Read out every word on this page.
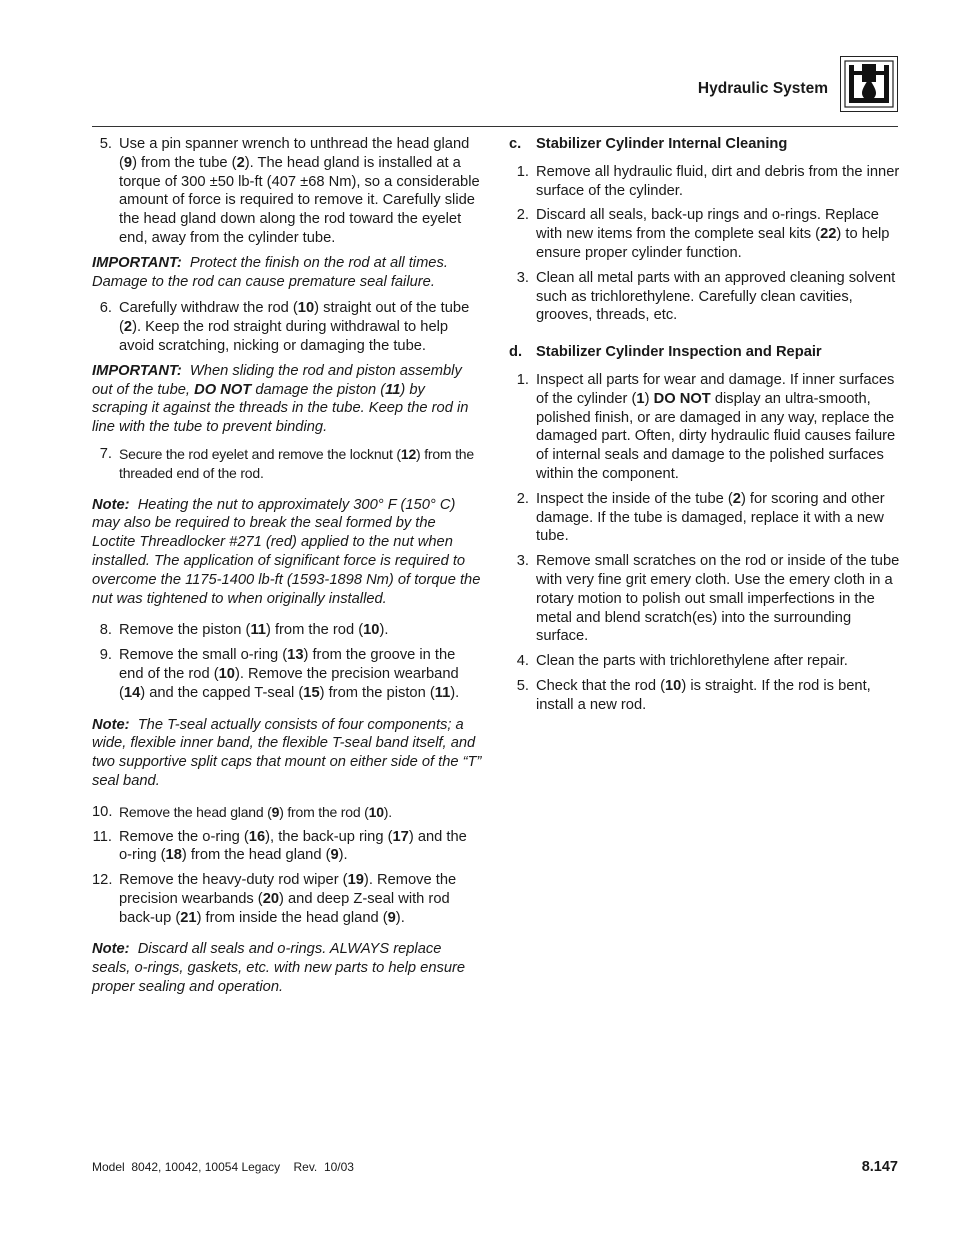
Hydraulic System
5. Use a pin spanner wrench to unthread the head gland (9) from the tube (2). The head gland is installed at a torque of 300 ±50 lb-ft (407 ±68 Nm), so a considerable amount of force is required to remove it. Carefully slide the head gland down along the rod toward the eyelet end, away from the cylinder tube.
IMPORTANT: Protect the finish on the rod at all times. Damage to the rod can cause premature seal failure.
6. Carefully withdraw the rod (10) straight out of the tube (2). Keep the rod straight during withdrawal to help avoid scratching, nicking or damaging the tube.
IMPORTANT: When sliding the rod and piston assembly out of the tube, DO NOT damage the piston (11) by scraping it against the threads in the tube. Keep the rod in line with the tube to prevent binding.
7. Secure the rod eyelet and remove the locknut (12) from the threaded end of the rod.
Note: Heating the nut to approximately 300° F (150° C) may also be required to break the seal formed by the Loctite Threadlocker #271 (red) applied to the nut when installed. The application of significant force is required to overcome the 1175-1400 lb-ft (1593-1898 Nm) of torque the nut was tightened to when originally installed.
8. Remove the piston (11) from the rod (10).
9. Remove the small o-ring (13) from the groove in the end of the rod (10). Remove the precision wearband (14) and the capped T-seal (15) from the piston (11).
Note: The T-seal actually consists of four components; a wide, flexible inner band, the flexible T-seal band itself, and two supportive split caps that mount on either side of the “T” seal band.
10. Remove the head gland (9) from the rod (10).
11. Remove the o-ring (16), the back-up ring (17) and the o-ring (18) from the head gland (9).
12. Remove the heavy-duty rod wiper (19). Remove the precision wearbands (20) and deep Z-seal with rod back-up (21) from inside the head gland (9).
Note: Discard all seals and o-rings. ALWAYS replace seals, o-rings, gaskets, etc. with new parts to help ensure proper sealing and operation.
c.	Stabilizer Cylinder Internal Cleaning
1. Remove all hydraulic fluid, dirt and debris from the inner surface of the cylinder.
2. Discard all seals, back-up rings and o-rings. Replace with new items from the complete seal kits (22) to help ensure proper cylinder function.
3. Clean all metal parts with an approved cleaning solvent such as trichlorethylene. Carefully clean cavities, grooves, threads, etc.
d. Stabilizer Cylinder Inspection and Repair
1. Inspect all parts for wear and damage. If inner surfaces of the cylinder (1) DO NOT display an ultra-smooth, polished finish, or are damaged in any way, replace the damaged part. Often, dirty hydraulic fluid causes failure of internal seals and damage to the polished surfaces within the component.
2. Inspect the inside of the tube (2) for scoring and other damage. If the tube is damaged, replace it with a new tube.
3. Remove small scratches on the rod or inside of the tube with very fine grit emery cloth. Use the emery cloth in a rotary motion to polish out small imperfections in the metal and blend scratch(es) into the surrounding surface.
4. Clean the parts with trichlorethylene after repair.
5. Check that the rod (10) is straight. If the rod is bent, install a new rod.
Model  8042, 10042, 10054 Legacy    Rev.  10/03	8.147
